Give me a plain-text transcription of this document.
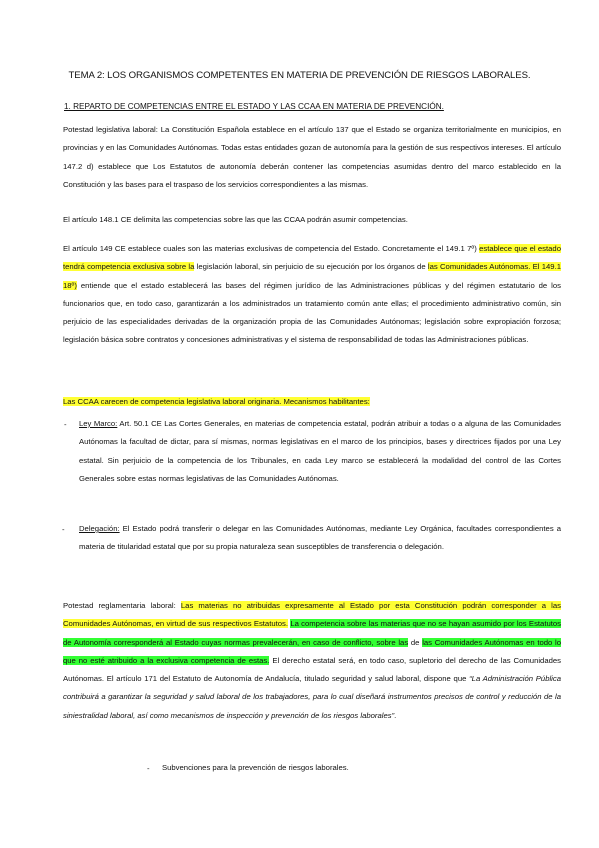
TEMA 2: LOS ORGANISMOS COMPETENTES EN MATERIA DE PREVENCIÓN DE RIESGOS LABORALES.

1. REPARTO DE COMPETENCIAS ENTRE EL ESTADO Y LAS CCAA EN MATERIA DE PREVENCIÓN.

Potestad legislativa laboral: La Constitución Española establece en el artículo 137 que el Estado se organiza territorialmente en municipios, en provincias y en las Comunidades Autónomas. Todas estas entidades gozan de autonomía para la gestión de sus respectivos intereses. El artículo 147.2 d) establece que Los Estatutos de autonomía deberán contener las competencias asumidas dentro del marco establecido en la Constitución y las bases para el traspaso de los servicios correspondientes a las mismas.

El artículo 148.1 CE delimita las competencias sobre las que las CCAA podrán asumir competencias.

El artículo 149 CE establece cuales son las materias exclusivas de competencia del Estado. Concretamente el 149.1 7º) establece que el estado tendrá competencia exclusiva sobre la legislación laboral, sin perjuicio de su ejecución por los órganos de las Comunidades Autónomas. El 149.1 18º) entiende que el estado establecerá las bases del régimen jurídico de las Administraciones públicas y del régimen estatutario de los funcionarios que, en todo caso, garantizarán a los administrados un tratamiento común ante ellas; el procedimiento administrativo común, sin perjuicio de las especialidades derivadas de la organización propia de las Comunidades Autónomas; legislación sobre expropiación forzosa; legislación básica sobre contratos y concesiones administrativas y el sistema de responsabilidad de todas las Administraciones públicas.

Las CCAA carecen de competencia legislativa laboral originaria. Mecanismos habilitantes:

- Ley Marco: Art. 50.1 CE Las Cortes Generales, en materias de competencia estatal, podrán atribuir a todas o a alguna de las Comunidades Autónomas la facultad de dictar, para sí mismas, normas legislativas en el marco de los principios, bases y directrices fijados por una Ley estatal. Sin perjuicio de la competencia de los Tribunales, en cada Ley marco se establecerá la modalidad del control de las Cortes Generales sobre estas normas legislativas de las Comunidades Autónomas.

- Delegación: El Estado podrá transferir o delegar en las Comunidades Autónomas, mediante Ley Orgánica, facultades correspondientes a materia de titularidad estatal que por su propia naturaleza sean susceptibles de transferencia o delegación.

Potestad reglamentaria laboral: Las materias no atribuidas expresamente al Estado por esta Constitución podrán corresponder a las Comunidades Autónomas, en virtud de sus respectivos Estatutos. La competencia sobre las materias que no se hayan asumido por los Estatutos de Autonomía corresponderá al Estado cuyas normas prevalecerán, en caso de conflicto, sobre las de las Comunidades Autónomas en todo lo que no esté atribuido a la exclusiva competencia de estas. El derecho estatal será, en todo caso, supletorio del derecho de las Comunidades Autónomas. El artículo 171 del Estatuto de Autonomía de Andalucía, titulado seguridad y salud laboral, dispone que “La Administración Pública contribuirá a garantizar la seguridad y salud laboral de los trabajadores, para lo cual diseñará instrumentos precisos de control y reducción de la siniestralidad laboral, así como mecanismos de inspección y prevención de los riesgos laborales”.

- Subvenciones para la prevención de riesgos laborales.
